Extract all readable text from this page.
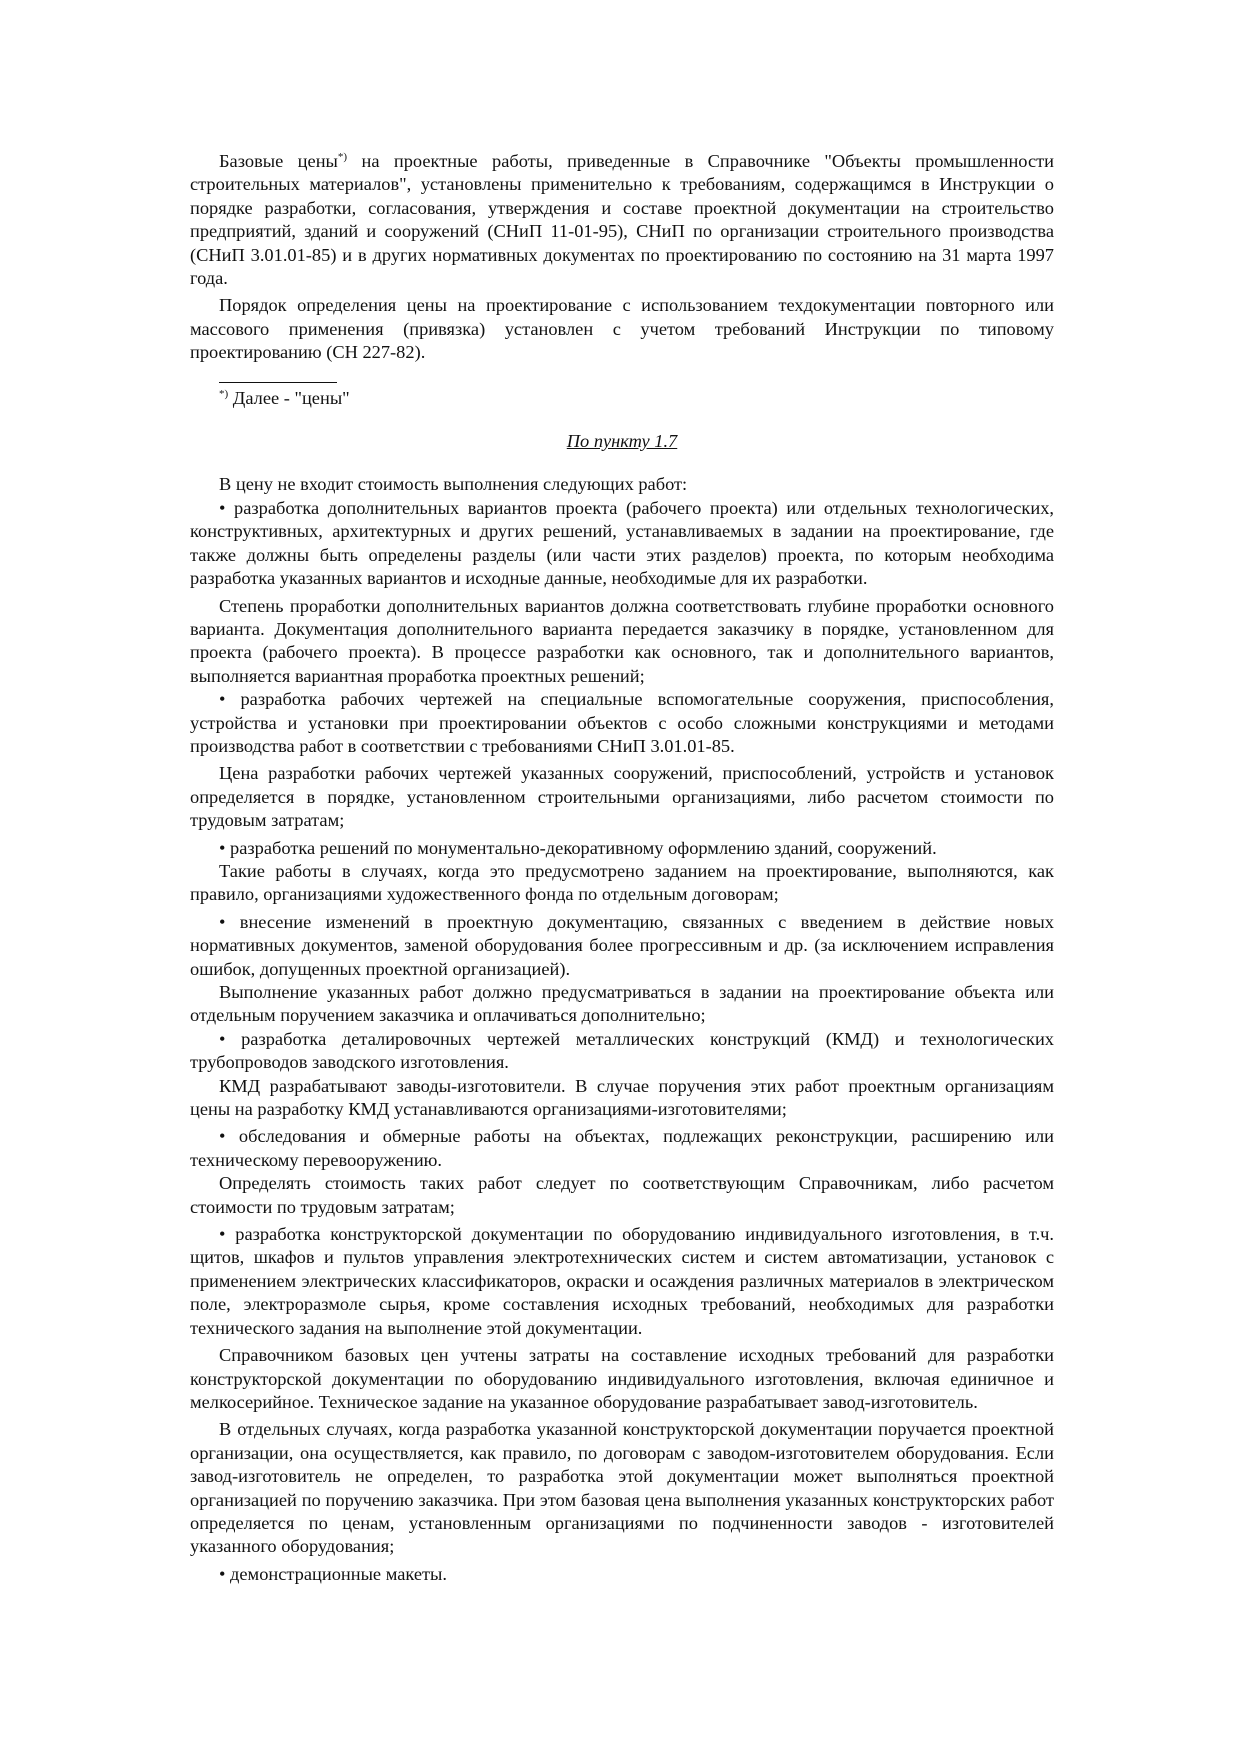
Базовые цены*) на проектные работы, приведенные в Справочнике "Объекты промышленности строительных материалов", установлены применительно к требованиям, содержащимся в Инструкции о порядке разработки, согласования, утверждения и составе проектной документации на строительство предприятий, зданий и сооружений (СНиП 11-01-95), СНиП по организации строительного производства (СНиП 3.01.01-85) и в других нормативных документах по проектированию по состоянию на 31 марта 1997 года.

Порядок определения цены на проектирование с использованием техдокументации повторного или массового применения (привязка) установлен с учетом требований Инструкции по типовому проектированию (СН 227-82).

*) Далее - "цены"

По пункту 1.7

В цену не входит стоимость выполнения следующих работ:

• разработка дополнительных вариантов проекта (рабочего проекта) или отдельных технологических, конструктивных, архитектурных и других решений, устанавливаемых в задании на проектирование, где также должны быть определены разделы (или части этих разделов) проекта, по которым необходима разработка указанных вариантов и исходные данные, необходимые для их разработки.

Степень проработки дополнительных вариантов должна соответствовать глубине проработки основного варианта. Документация дополнительного варианта передается заказчику в порядке, установленном для проекта (рабочего проекта). В процессе разработки как основного, так и дополнительного вариантов, выполняется вариантная проработка проектных решений;

• разработка рабочих чертежей на специальные вспомогательные сооружения, приспособления, устройства и установки при проектировании объектов с особо сложными конструкциями и методами производства работ в соответствии с требованиями СНиП 3.01.01-85.

Цена разработки рабочих чертежей указанных сооружений, приспособлений, устройств и установок определяется в порядке, установленном строительными организациями, либо расчетом стоимости по трудовым затратам;

• разработка решений по монументально-декоративному оформлению зданий, сооружений.

Такие работы в случаях, когда это предусмотрено заданием на проектирование, выполняются, как правило, организациями художественного фонда по отдельным договорам;

• внесение изменений в проектную документацию, связанных с введением в действие новых нормативных документов, заменой оборудования более прогрессивным и др. (за исключением исправления ошибок, допущенных проектной организацией).

Выполнение указанных работ должно предусматриваться в задании на проектирование объекта или отдельным поручением заказчика и оплачиваться дополнительно;

• разработка деталировочных чертежей металлических конструкций (КМД) и технологических трубопроводов заводского изготовления.

КМД разрабатывают заводы-изготовители. В случае поручения этих работ проектным организациям цены на разработку КМД устанавливаются организациями-изготовителями;

• обследования и обмерные работы на объектах, подлежащих реконструкции, расширению или техническому перевооружению.

Определять стоимость таких работ следует по соответствующим Справочникам, либо расчетом стоимости по трудовым затратам;

• разработка конструкторской документации по оборудованию индивидуального изготовления, в т.ч. щитов, шкафов и пультов управления электротехнических систем и систем автоматизации, установок с применением электрических классификаторов, окраски и осаждения различных материалов в электрическом поле, электроразмоле сырья, кроме составления исходных требований, необходимых для разработки технического задания на выполнение этой документации.

Справочником базовых цен учтены затраты на составление исходных требований для разработки конструкторской документации по оборудованию индивидуального изготовления, включая единичное и мелкосерийное. Техническое задание на указанное оборудование разрабатывает завод-изготовитель.

В отдельных случаях, когда разработка указанной конструкторской документации поручается проектной организации, она осуществляется, как правило, по договорам с заводом-изготовителем оборудования. Если завод-изготовитель не определен, то разработка этой документации может выполняться проектной организацией по поручению заказчика. При этом базовая цена выполнения указанных конструкторских работ определяется по ценам, установленным организациями по подчиненности заводов - изготовителей указанного оборудования;

• демонстрационные макеты.
